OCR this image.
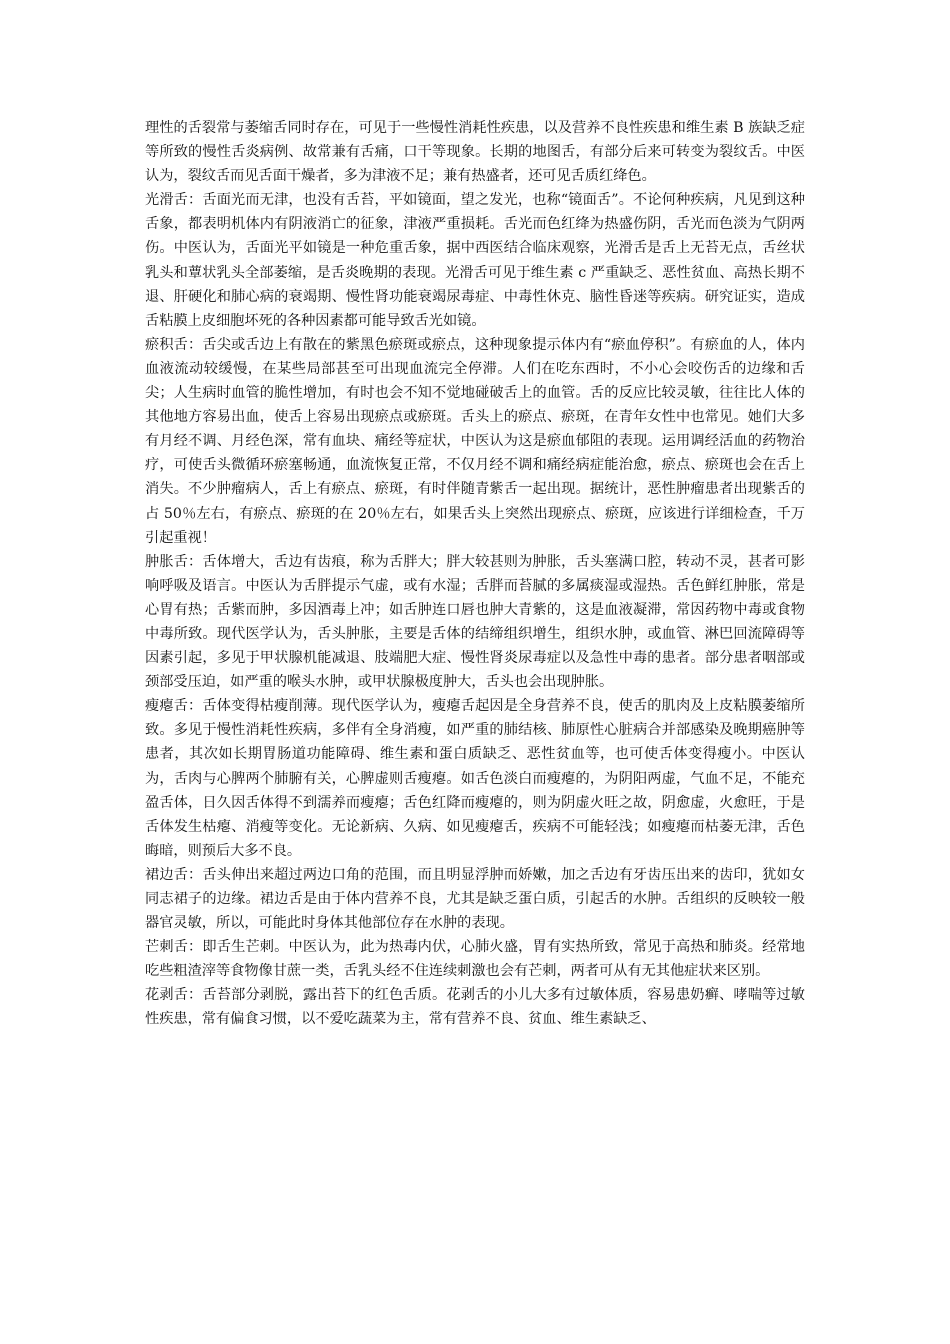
理性的舌裂常与萎缩舌同时存在，可见于一些慢性消耗性疾患，以及营养不良性疾患和维生素 B 族缺乏症等所致的慢性舌炎病例、故常兼有舌痛，口干等现象。长期的地图舌，有部分后来可转变为裂纹舌。中医认为，裂纹舌而见舌面干燥者，多为津液不足；兼有热盛者，还可见舌质红绛色。

光滑舌：舌面光而无津，也没有舌苔，平如镜面，望之发光，也称“镜面舌”。不论何种疾病，凡见到这种舌象，都表明机体内有阴液消亡的征象，津液严重损耗。舌光而色红绛为热盛伤阴，舌光而色淡为气阴两伤。中医认为，舌面光平如镜是一种危重舌象，据中西医结合临床观察，光滑舌是舌上无苔无点，舌丝状乳头和蕈状乳头全部萎缩，是舌炎晚期的表现。光滑舌可见于维生素 c 严重缺乏、恶性贫血、高热长期不退、肝硬化和肺心病的衰竭期、慢性肾功能衰竭尿毒症、中毒性休克、脑性昏迷等疾病。研究证实，造成舌粘膜上皮细胞坏死的各种因素都可能导致舌光如镜。

瘀积舌：舌尖或舌边上有散在的紫黑色瘀斑或瘀点，这种现象提示体内有“瘀血停积”。有瘀血的人，体内血液流动较缓慢，在某些局部甚至可出现血流完全停滞。人们在吃东西时，不小心会咬伤舌的边缘和舌尖；人生病时血管的脆性增加，有时也会不知不觉地碰破舌上的血管。舌的反应比较灵敏，往往比人体的其他地方容易出血，使舌上容易出现瘀点或瘀斑。舌头上的瘀点、瘀斑，在青年女性中也常见。她们大多有月经不调、月经色深，常有血块、痛经等症状，中医认为这是瘀血郁阻的表现。运用调经活血的药物治疗，可使舌头微循环瘀塞畅通，血流恢复正常，不仅月经不调和痛经病症能治愈，瘀点、瘀斑也会在舌上消失。不少肿瘤病人，舌上有瘀点、瘀斑，有时伴随青紫舌一起出现。据统计，恶性肿瘤患者出现紫舌的占 50％左右，有瘀点、瘀斑的在 20％左右，如果舌头上突然出现瘀点、瘀斑，应该进行详细检查，千万引起重视！

肿胀舌：舌体增大，舌边有齿痕，称为舌胖大；胖大较甚则为肿胀，舌头塞满口腔，转动不灵，甚者可影响呼吸及语言。中医认为舌胖提示气虚，或有水湿；舌胖而苔腻的多属痰湿或湿热。舌色鲜红肿胀，常是心胃有热；舌紫而肿，多因酒毒上冲；如舌肿连口唇也肿大青紫的，这是血液凝滞，常因药物中毒或食物中毒所致。现代医学认为，舌头肿胀，主要是舌体的结缔组织增生，组织水肿，或血管、淋巴回流障碍等因素引起，多见于甲状腺机能减退、肢端肥大症、慢性肾炎尿毒症以及急性中毒的患者。部分患者咽部或颈部受压迫，如严重的喉头水肿，或甲状腺极度肿大，舌头也会出现肿胀。

瘦瘪舌：舌体变得枯瘦削薄。现代医学认为，瘦瘪舌起因是全身营养不良，使舌的肌肉及上皮粘膜萎缩所致。多见于慢性消耗性疾病，多伴有全身消瘦，如严重的肺结核、肺原性心脏病合并部感染及晚期癌肿等患者，其次如长期胃肠道功能障碍、维生素和蛋白质缺乏、恶性贫血等，也可使舌体变得瘦小。中医认为，舌肉与心脾两个肺腑有关，心脾虚则舌瘦瘪。如舌色淡白而瘦瘪的，为阴阳两虚，气血不足，不能充盈舌体，日久因舌体得不到濡养而瘦瘪；舌色红降而瘦瘪的，则为阴虚火旺之故，阴愈虚，火愈旺，于是舌体发生枯瘪、消瘦等变化。无论新病、久病、如见瘦瘪舌，疾病不可能轻浅；如瘦瘪而枯萎无津，舌色晦暗，则预后大多不良。

裙边舌：舌头伸出来超过两边口角的范围，而且明显浮肿而娇嫩，加之舌边有牙齿压出来的齿印，犹如女同志裙子的边缘。裙边舌是由于体内营养不良，尤其是缺乏蛋白质，引起舌的水肿。舌组织的反映较一般器官灵敏，所以，可能此时身体其他部位存在水肿的表现。

芒刺舌：即舌生芒刺。中医认为，此为热毒内伏，心肺火盛，胃有实热所致，常见于高热和肺炎。经常地吃些粗渣滓等食物像甘蔗一类，舌乳头经不住连续刺激也会有芒刺，两者可从有无其他症状来区别。

花剥舌：舌苔部分剥脱，露出苔下的红色舌质。花剥舌的小儿大多有过敏体质，容易患奶癣、哮喘等过敏性疾患，常有偏食习惯，以不爱吃蔬菜为主，常有营养不良、贫血、维生素缺乏、
